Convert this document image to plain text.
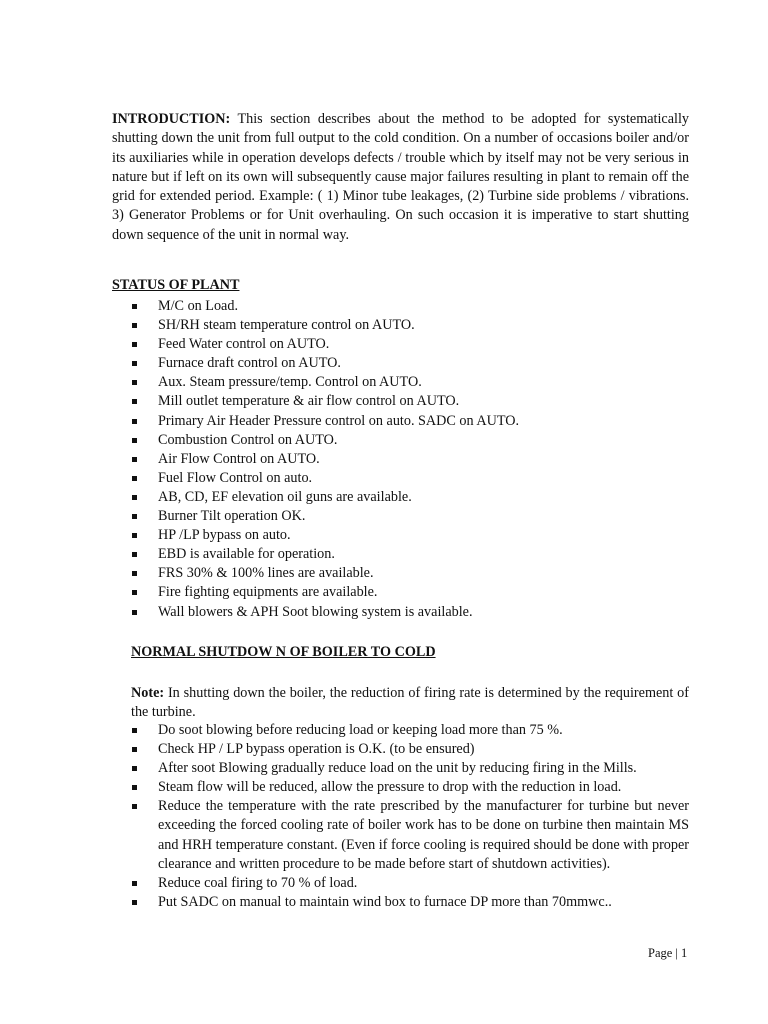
INTRODUCTION: This section describes about the method to be adopted for systematically shutting down the unit from full output to the cold condition. On a number of occasions boiler and/or its auxiliaries while in operation develops defects / trouble which by itself may not be very serious in nature but if left on its own will subsequently cause major failures resulting in plant to remain off the grid for extended period. Example: ( 1) Minor tube leakages, (2) Turbine side problems / vibrations. 3) Generator Problems or for Unit overhauling. On such occasion it is imperative to start shutting down sequence of the unit in normal way.

STATUS OF PLANT
M/C on Load.
SH/RH steam temperature control on AUTO.
Feed Water control on AUTO.
Furnace draft control on AUTO.
Aux. Steam pressure/temp. Control on AUTO.
Mill outlet temperature & air flow control on AUTO.
Primary Air Header Pressure control on auto. SADC on AUTO.
Combustion Control on AUTO.
Air Flow Control on AUTO.
Fuel Flow Control on auto.
AB, CD, EF elevation oil guns are available.
Burner Tilt operation OK.
HP /LP bypass on auto.
EBD is available for operation.
FRS 30% & 100% lines are available.
Fire fighting equipments are available.
Wall blowers & APH Soot blowing system is available.
NORMAL SHUTDOW N OF BOILER TO COLD

Note: In shutting down the boiler, the reduction of firing rate is determined by the requirement of the turbine.

Do soot blowing before reducing load or keeping load more than 75 %.
Check HP / LP bypass operation is O.K. (to be ensured)
After soot Blowing gradually reduce load on the unit by reducing firing in the Mills.
Steam flow will be reduced, allow the pressure to drop with the reduction in load.
Reduce the temperature with the rate prescribed by the manufacturer for turbine but never exceeding the forced cooling rate of boiler work has to be done on turbine then maintain MS and HRH temperature constant. (Even if force cooling is required should be done with proper clearance and written procedure to be made before start of shutdown activities).
Reduce coal firing to 70 % of load.
Put SADC on manual to maintain wind box to furnace DP more than 70mmwc..
Page | 1
